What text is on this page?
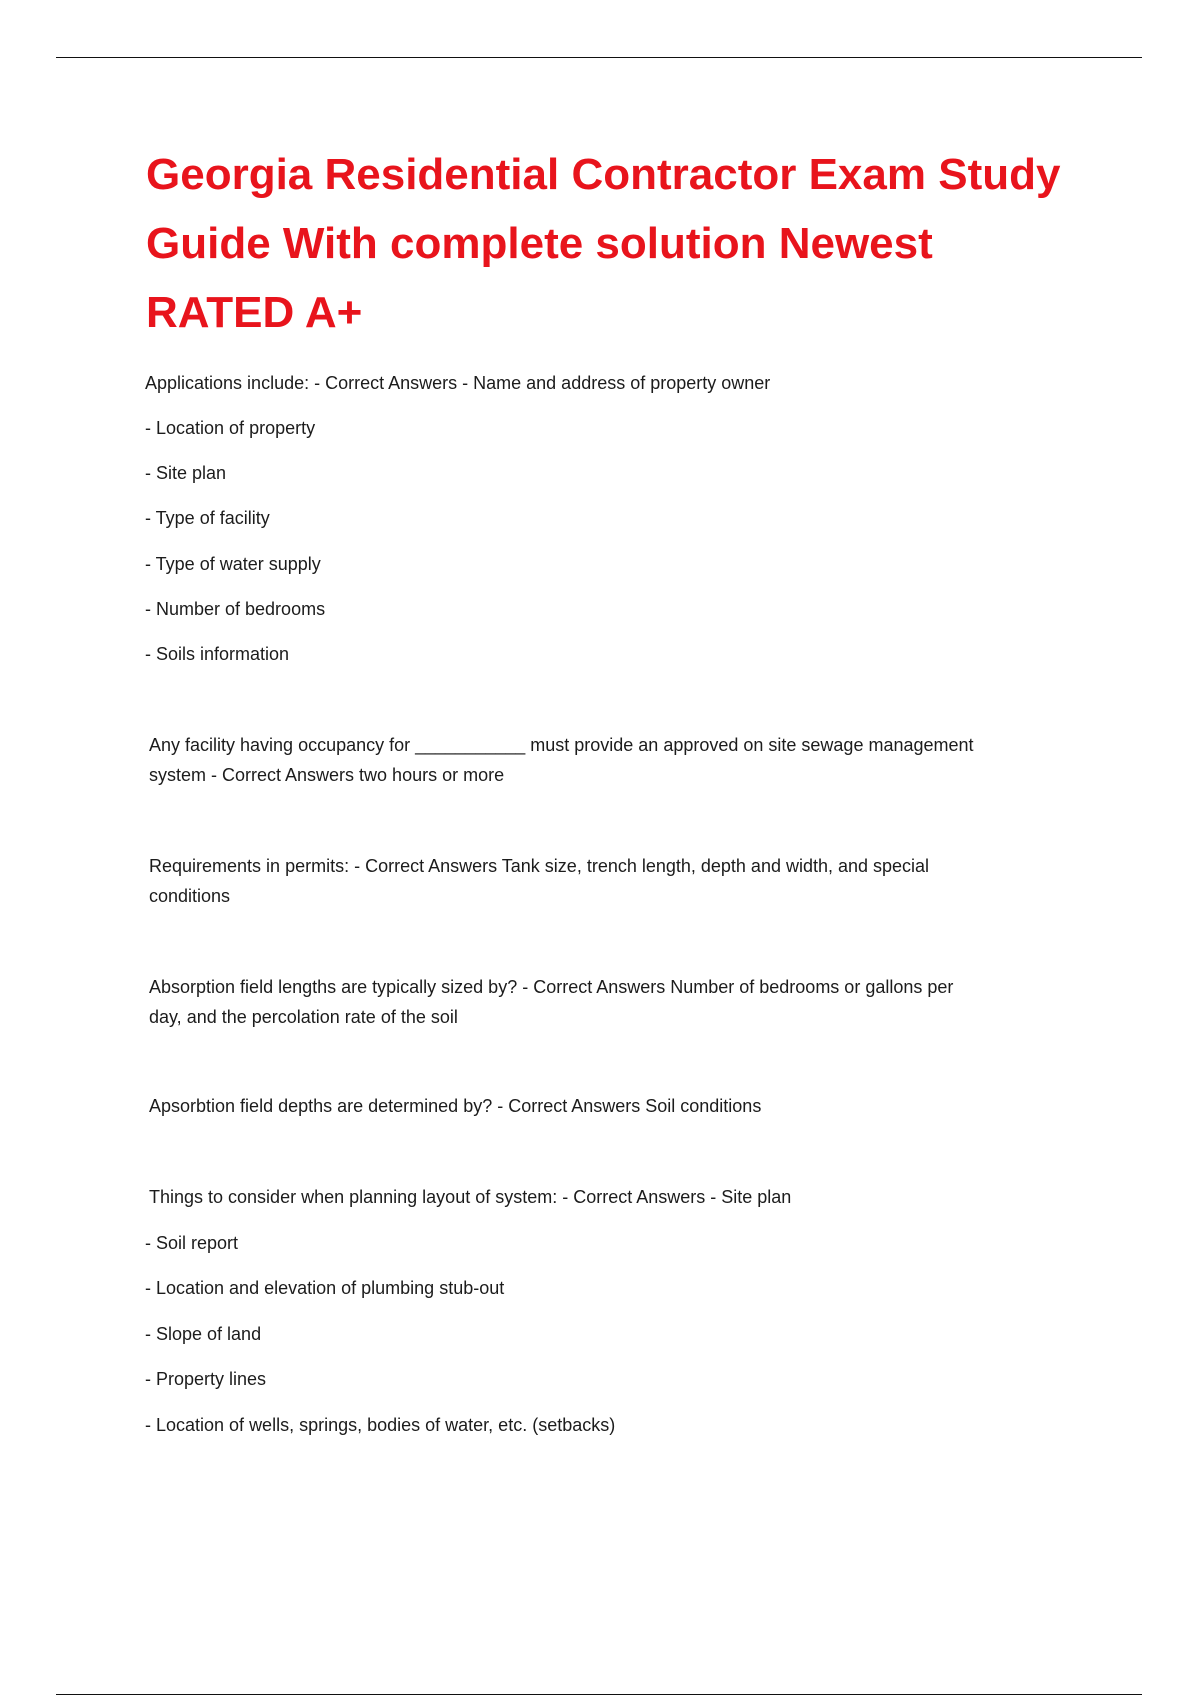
Georgia Residential Contractor Exam Study
Guide With complete solution Newest
RATED A+

Applications include: - Correct Answers - Name and address of property owner

- Location of property

- Site plan

- Type of facility

- Type of water supply

- Number of bedrooms

- Soils information

Any facility having occupancy for ___________ must provide an approved on site sewage management
system - Correct Answers two hours or more
Requirements in permits: - Correct Answers Tank size, trench length, depth and width, and special
conditions
Absorption field lengths are typically sized by? - Correct Answers Number of bedrooms or gallons per
day, and the percolation rate of the soil

Apsorbtion field depths are determined by? - Correct Answers Soil conditions

Things to consider when planning layout of system: - Correct Answers - Site plan

- Soil report

- Location and elevation of plumbing stub-out

- Slope of land

- Property lines

- Location of wells, springs, bodies of water, etc. (setbacks)
